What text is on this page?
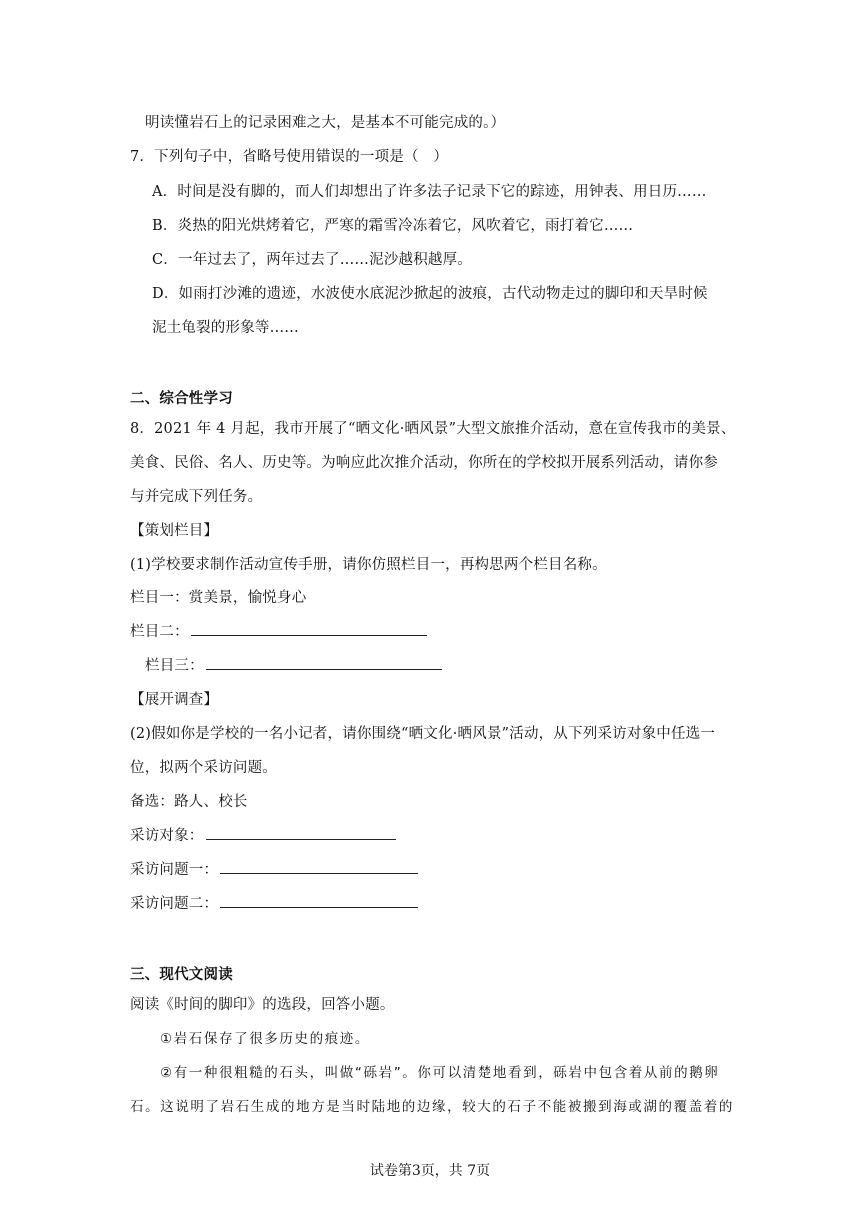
明读懂岩石上的记录困难之大，是基本不可能完成的。）
7．下列句子中，省略号使用错误的一项是（　）
A．时间是没有脚的，而人们却想出了许多法子记录下它的踪迹，用钟表、用日历……
B．炎热的阳光烘烤着它，严寒的霜雪冷冻着它，风吹着它，雨打着它……
C．一年过去了，两年过去了……泥沙越积越厚。
D．如雨打沙滩的遗迹，水波使水底泥沙掀起的波痕，古代动物走过的脚印和天旱时候
泥土龟裂的形象等……
二、综合性学习
8．2021 年 4 月起，我市开展了“晒文化·晒风景”大型文旅推介活动，意在宣传我市的美景、
美食、民俗、名人、历史等。为响应此次推介活动，你所在的学校拟开展系列活动，请你参
与并完成下列任务。
【策划栏目】
(1)学校要求制作活动宣传手册，请你仿照栏目一，再构思两个栏目名称。
栏目一：赏美景，愉悦身心
栏目二：
栏目三：
【展开调查】
(2)假如你是学校的一名小记者，请你围绕“晒文化·晒风景”活动，从下列采访对象中任选一
位，拟两个采访问题。
备选：路人、校长
采访对象：
采访问题一：
采访问题二：
三、现代文阅读
阅读《时间的脚印》的选段，回答小题。
①岩石保存了很多历史的痕迹。
②有一种很粗糙的石头，叫做“砾岩”。你可以清楚地看到，砾岩中包含着从前的鹅卵
石。这说明了岩石生成的地方是当时陆地的边缘，较大的石子不能被搬到海或湖的覆盖着的
试卷第3页，共 7页
